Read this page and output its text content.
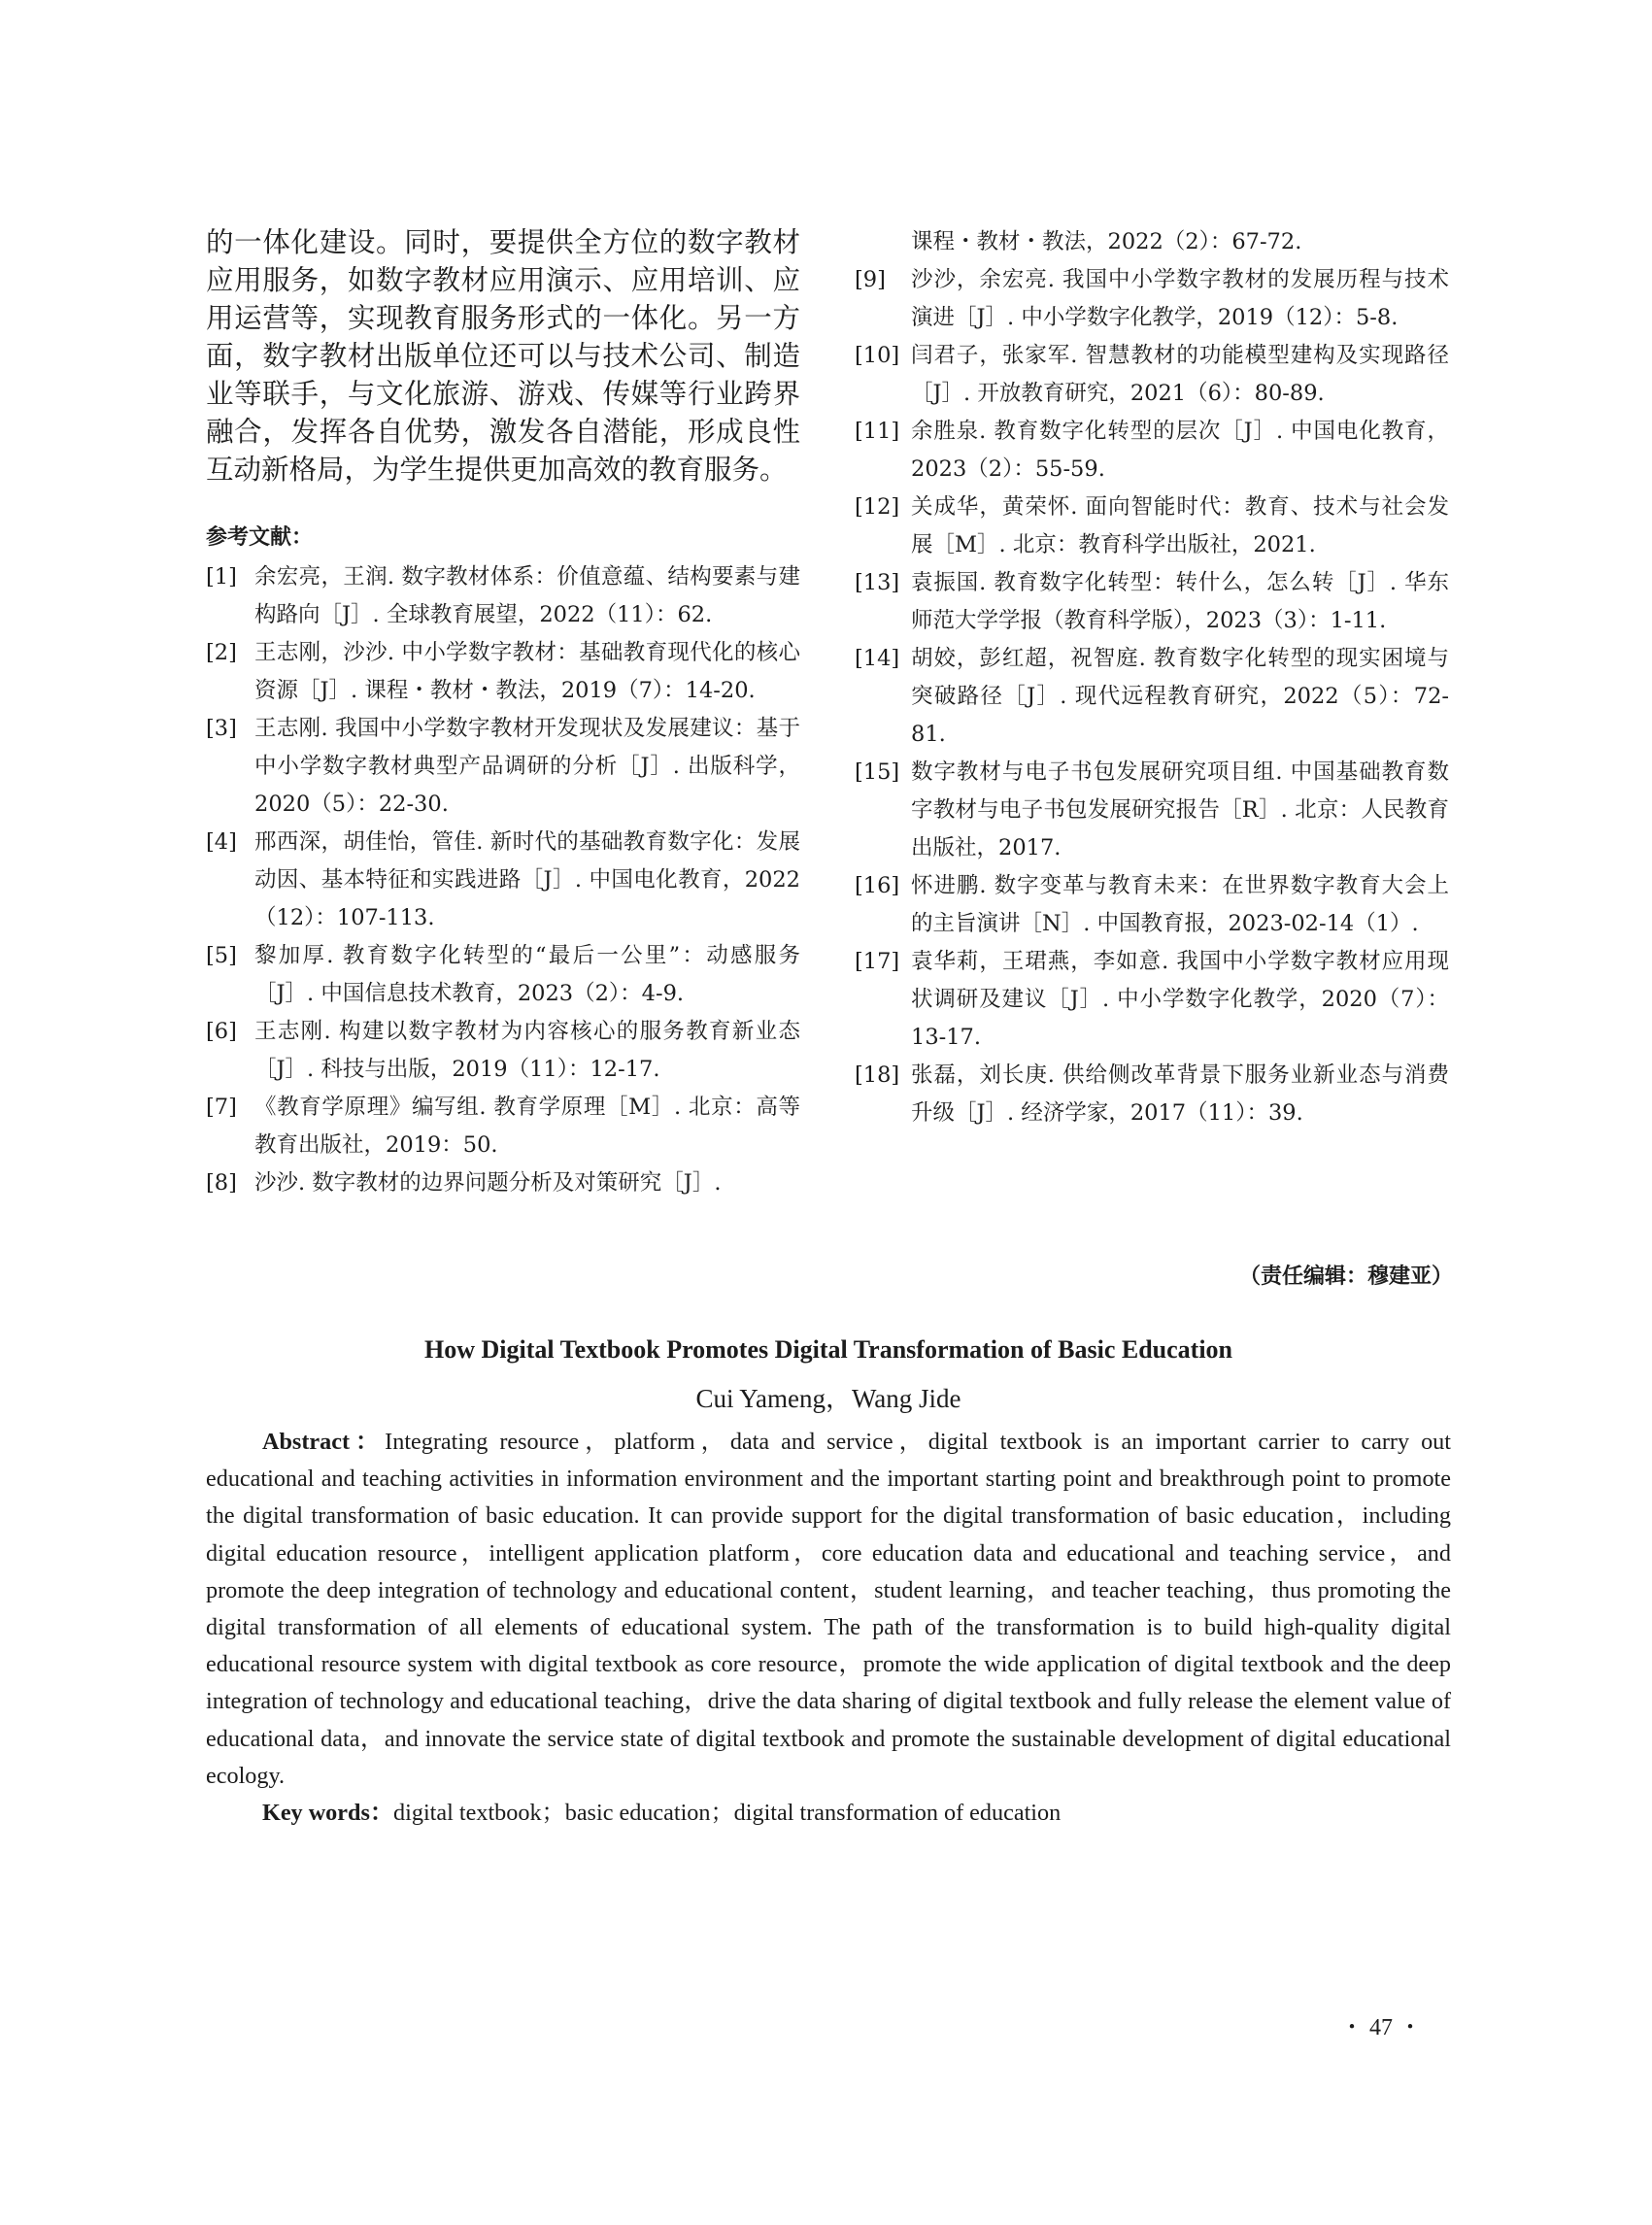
的一体化建设。同时，要提供全方位的数字教材应用服务，如数字教材应用演示、应用培训、应用运营等，实现教育服务形式的一体化。另一方面，数字教材出版单位还可以与技术公司、制造业等联手，与文化旅游、游戏、传媒等行业跨界融合，发挥各自优势，激发各自潜能，形成良性互动新格局，为学生提供更加高效的教育服务。

参考文献：

[1] 余宏亮，王润. 数字教材体系：价值意蕴、结构要素与建构路向［J］. 全球教育展望，2022（11）：62.

[2] 王志刚，沙沙. 中小学数字教材：基础教育现代化的核心资源［J］. 课程・教材・教法，2019（7）：14-20.

[3] 王志刚. 我国中小学数字教材开发现状及发展建议：基于中小学数字教材典型产品调研的分析［J］. 出版科学，2020（5）：22-30.

[4] 邢西深，胡佳怡，管佳. 新时代的基础教育数字化：发展动因、基本特征和实践进路［J］. 中国电化教育，2022（12）：107-113.

[5] 黎加厚. 教育数字化转型的“最后一公里”：动感服务［J］. 中国信息技术教育，2023（2）：4-9.

[6] 王志刚. 构建以数字教材为内容核心的服务教育新业态［J］. 科技与出版，2019（11）：12-17.

[7] 《教育学原理》编写组. 教育学原理［M］. 北京：高等教育出版社，2019：50.

[8] 沙沙. 数字教材的边界问题分析及对策研究［J］.

课程・教材・教法，2022（2）：67-72.

[9] 沙沙，余宏亮. 我国中小学数字教材的发展历程与技术演进［J］. 中小学数字化教学，2019（12）：5-8.

[10] 闫君子，张家军. 智慧教材的功能模型建构及实现路径［J］. 开放教育研究，2021（6）：80-89.

[11] 余胜泉. 教育数字化转型的层次［J］. 中国电化教育，2023（2）：55-59.

[12] 关成华，黄荣怀. 面向智能时代：教育、技术与社会发展［M］. 北京：教育科学出版社，2021.

[13] 袁振国. 教育数字化转型：转什么，怎么转［J］. 华东师范大学学报（教育科学版），2023（3）：1-11.

[14] 胡姣，彭红超，祝智庭. 教育数字化转型的现实困境与突破路径［J］. 现代远程教育研究，2022（5）：72-81.

[15] 数字教材与电子书包发展研究项目组. 中国基础教育数字教材与电子书包发展研究报告［R］. 北京：人民教育出版社，2017.

[16] 怀进鹏. 数字变革与教育未来：在世界数字教育大会上的主旨演讲［N］. 中国教育报，2023-02-14（1）.

[17] 袁华莉，王珺燕，李如意. 我国中小学数字教材应用现状调研及建议［J］. 中小学数字化教学，2020（7）：13-17.

[18] 张磊，刘长庚. 供给侧改革背景下服务业新业态与消费升级［J］. 经济学家，2017（11）：39.

（责任编辑：穆建亚）

How Digital Textbook Promotes Digital Transformation of Basic Education

Cui Yameng，Wang Jide

Abstract：Integrating resource，platform，data and service，digital textbook is an important carrier to carry out educational and teaching activities in information environment and the important starting point and breakthrough point to promote the digital transformation of basic education. It can provide support for the digital transformation of basic education，including digital education resource，intelligent application platform，core education data and educational and teaching service，and promote the deep integration of technology and educational content，student learning，and teacher teaching，thus promoting the digital transformation of all elements of educational system. The path of the transformation is to build high-quality digital educational resource system with digital textbook as core resource，promote the wide application of digital textbook and the deep integration of technology and educational teaching，drive the data sharing of digital textbook and fully release the element value of educational data，and innovate the service state of digital textbook and promote the sustainable development of digital educational ecology.

Key words：digital textbook；basic education；digital transformation of education

・ 47 ・
